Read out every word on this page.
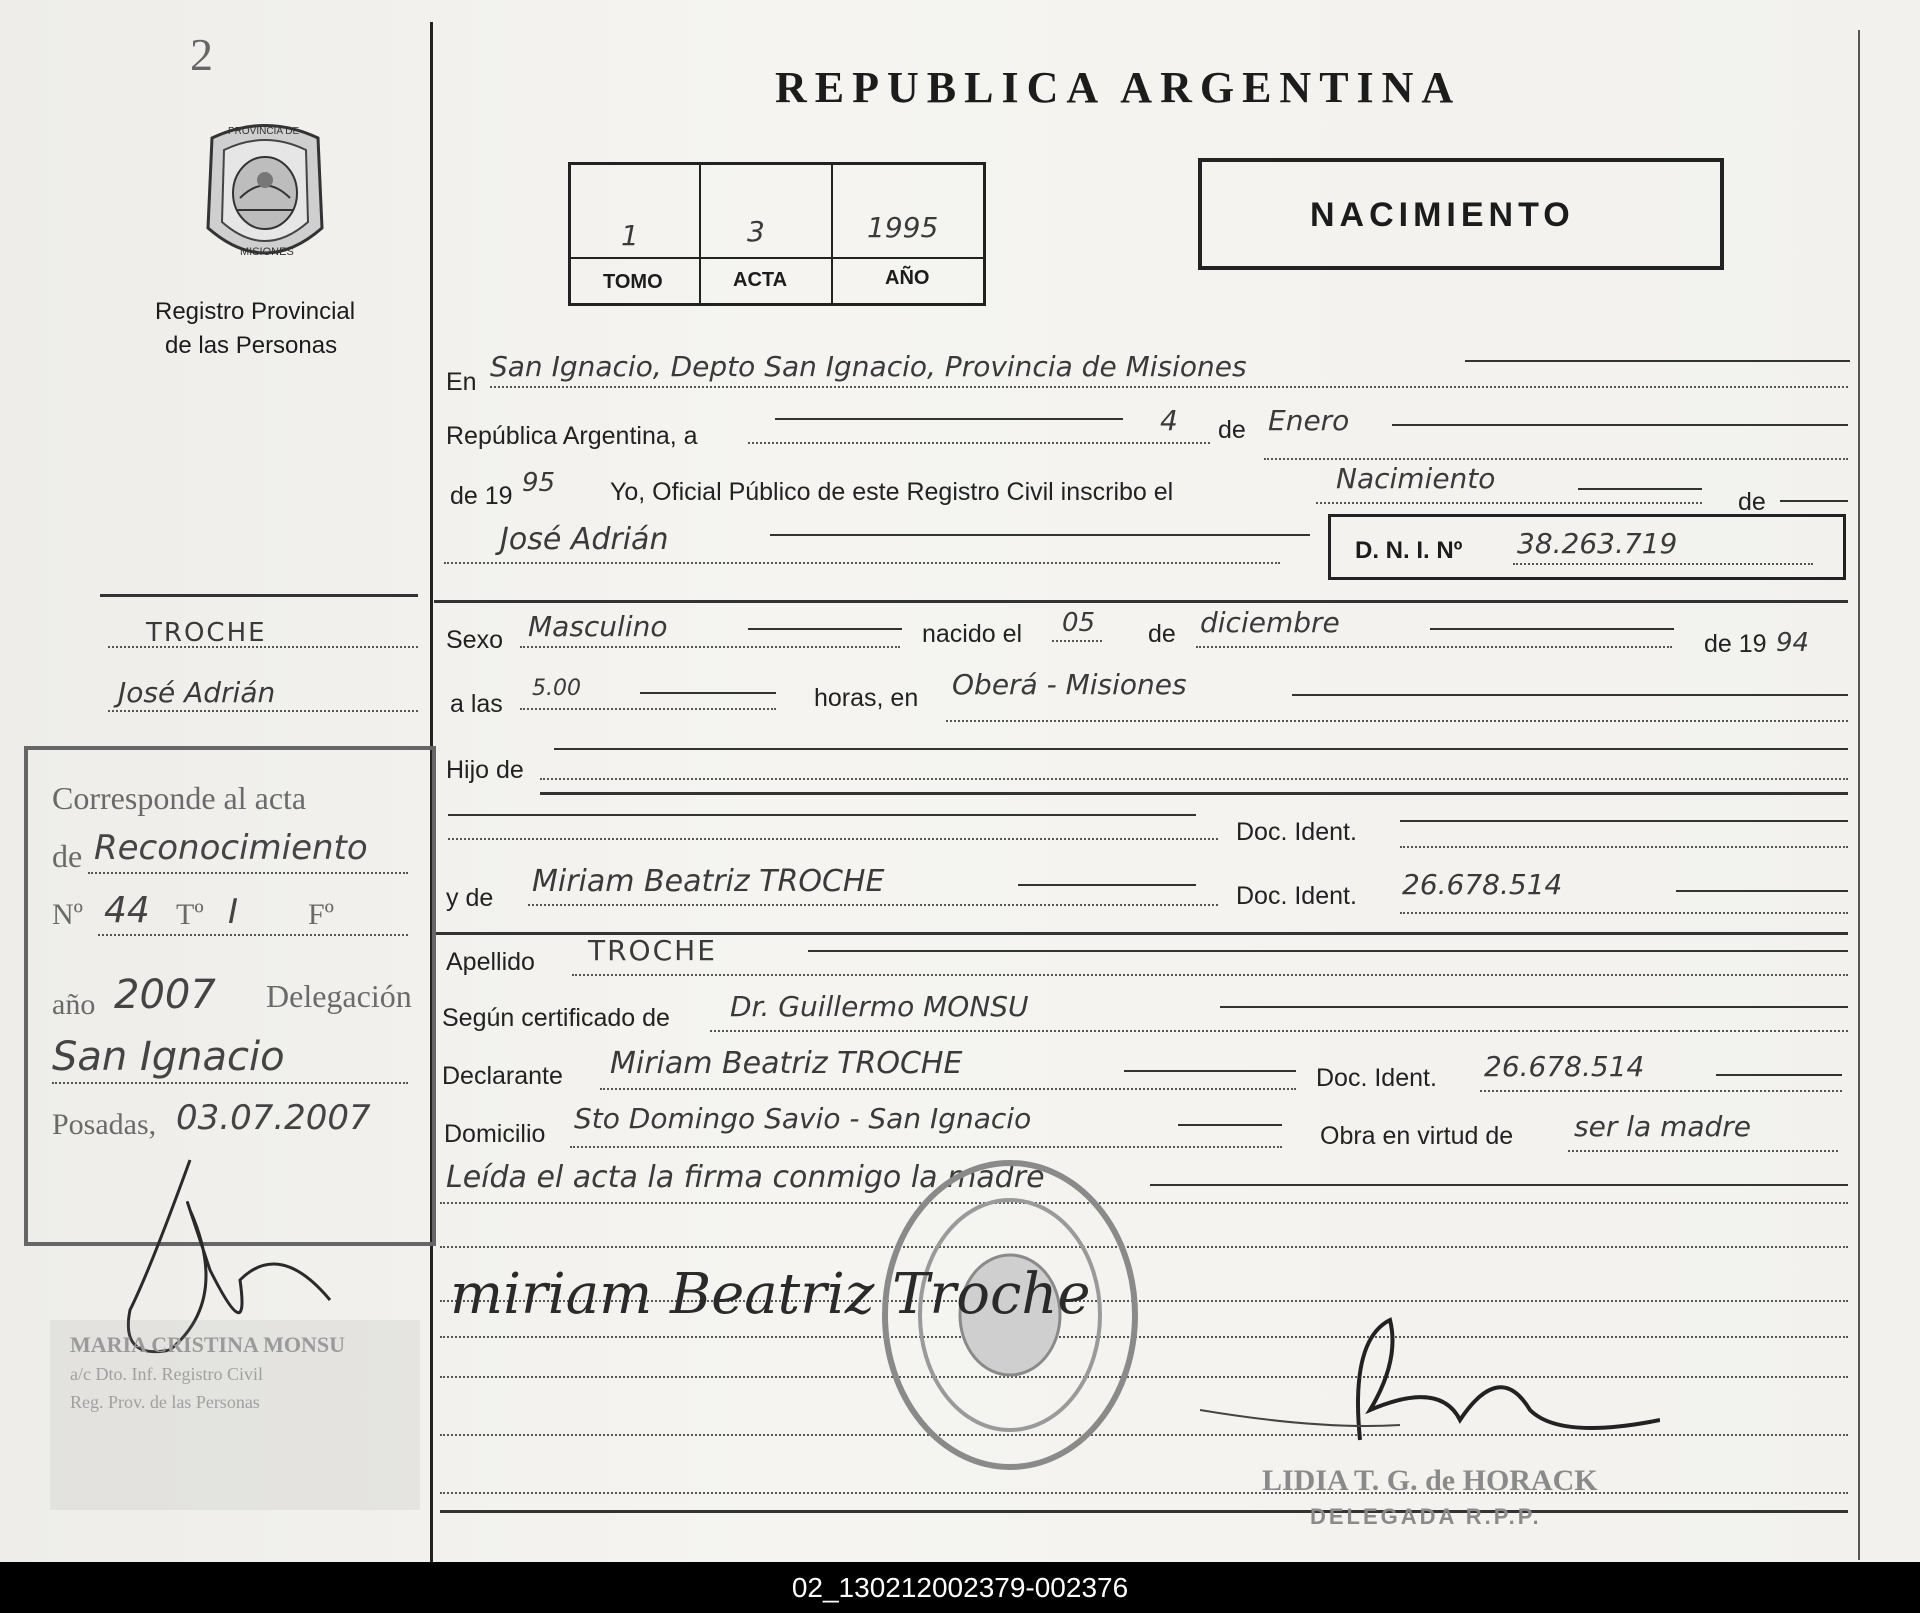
2
PROVINCIA DE
MISIONES
Registro Provincial
de las Personas
REPUBLICA ARGENTINA
1	3	1995
TOMO	ACTA	AÑO
NACIMIENTO
En San Ignacio, Depto San Ignacio, Provincia de Misiones
República Argentina, a	4 de Enero
de 19 95 Yo, Oficial Público de este Registro Civil inscribo el	Nacimiento
de
José Adrián	D. N. I. Nº 38.263.719
TROCHE
José Adrián
Sexo Masculino	nacido el 05 de diciembre
de 19 94
a las
5.00	horas, en Oberá - Misiones
Hijo de
Doc. Ident.
y de Miriam Beatriz TROCHE	Doc. Ident. 26.678.514
Apellido TROCHE
Según certificado de Dr. Guillermo MONSU
Declarante Miriam Beatriz TROCHE	Doc. Ident. 26.678.514
Domicilio Sto Domingo Savio - San Ignacio
Obra en virtud de ser la madre
Leída el acta la firma conmigo la madre
miriam Beatriz Troche
LIDIA T. G. de HORACK
DELEGADA R.P.P.
Corresponde al acta
de Reconocimiento
Nº 44 Tº I Fº
año 2007 Delegación
San Ignacio
Posadas, 03.07.2007
MARIA CRISTINA MONSU
a/c Dto. Inf. Registro Civil
Reg. Prov. de las Personas
02_130212002379-002376
